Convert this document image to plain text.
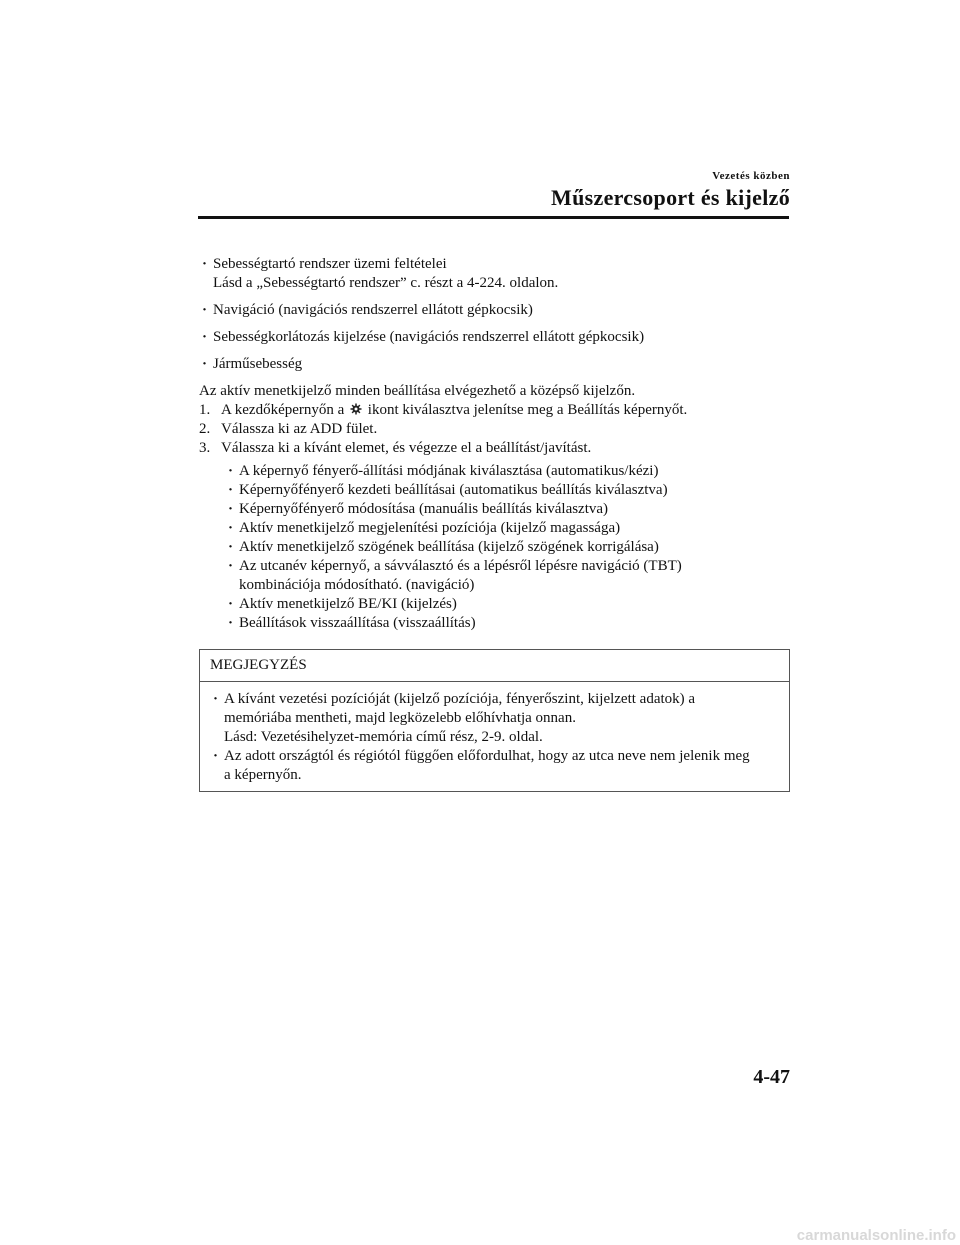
Vezetés közben
Műszercsoport és kijelző
· Sebességtartó rendszer üzemi feltételei
Lásd a „Sebességtartó rendszer” c. részt a 4-224. oldalon.
· Navigáció (navigációs rendszerrel ellátott gépkocsik)
· Sebességkorlátozás kijelzése (navigációs rendszerrel ellátott gépkocsik)
· Járműsebesség
Az aktív menetkijelző minden beállítása elvégezhető a középső kijelzőn.
1. A kezdőképernyőn a ikont kiválasztva jelenítse meg a Beállítás képernyőt.
2. Válassza ki az ADD fület.
3. Válassza ki a kívánt elemet, és végezze el a beállítást/javítást.
· A képernyő fényerő-állítási módjának kiválasztása (automatikus/kézi)
· Képernyőfényerő kezdeti beállításai (automatikus beállítás kiválasztva)
· Képernyőfényerő módosítása (manuális beállítás kiválasztva)
· Aktív menetkijelző megjelenítési pozíciója (kijelző magassága)
· Aktív menetkijelző szögének beállítása (kijelző szögének korrigálása)
· Az utcanév képernyő, a sávválasztó és a lépésről lépésre navigáció (TBT)
kombinációja módosítható. (navigáció)
· Aktív menetkijelző BE/KI (kijelzés)
· Beállítások visszaállítása (visszaállítás)
MEGJEGYZÉS
· A kívánt vezetési pozícióját (kijelző pozíciója, fényerőszint, kijelzett adatok) a
memóriába mentheti, majd legközelebb előhívhatja onnan.
Lásd: Vezetésihelyzet-memória című rész, 2-9. oldal.
· Az adott országtól és régiótól függően előfordulhat, hogy az utca neve nem jelenik meg
a képernyőn.
4-47
carmanualsonline.info
